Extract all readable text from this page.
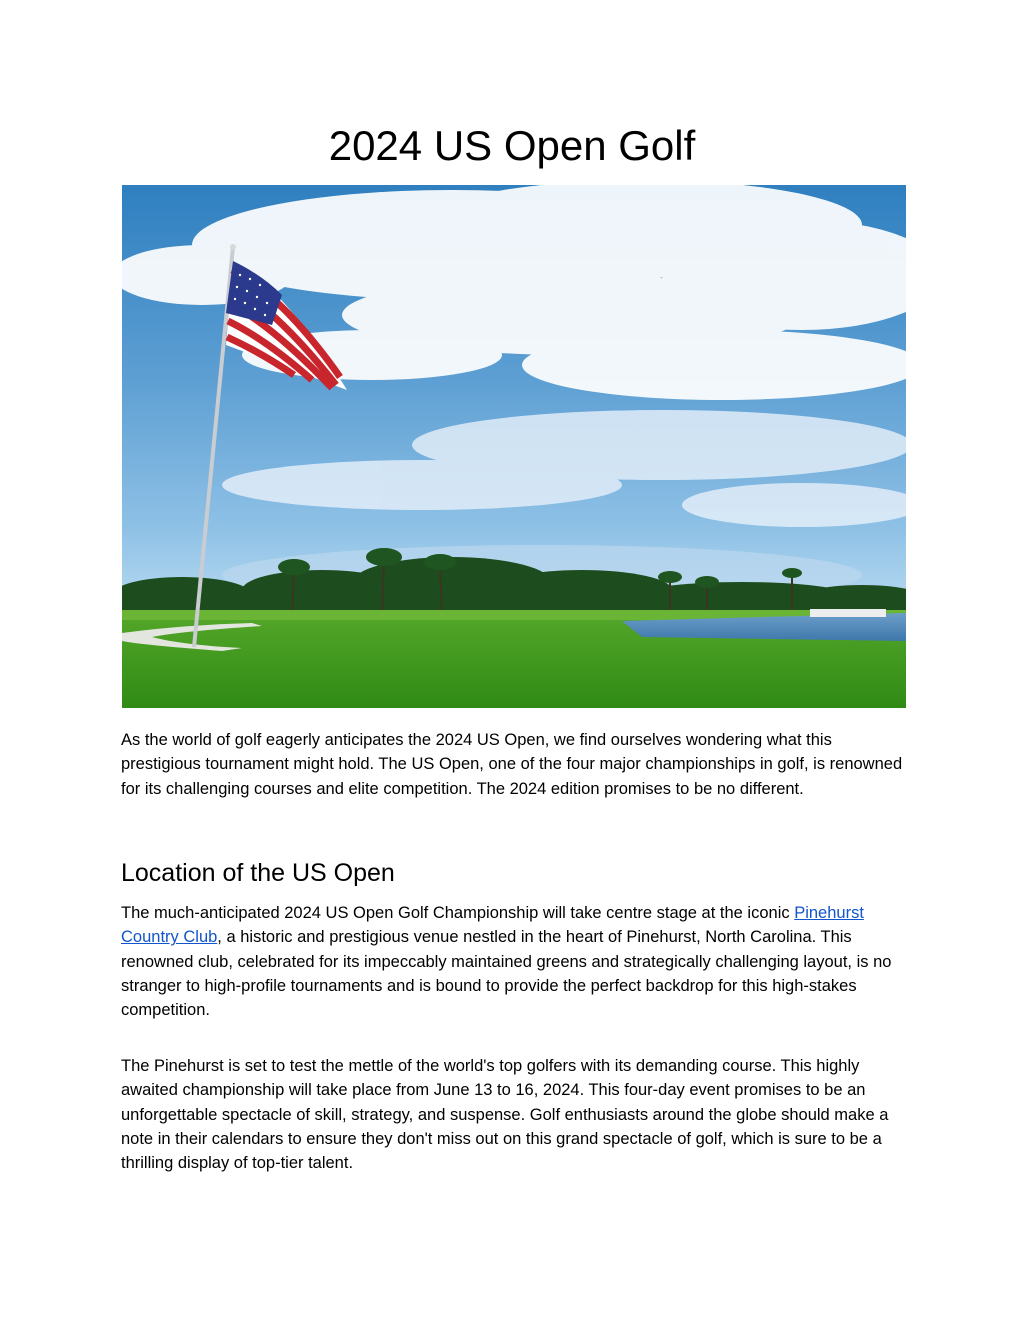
2024 US Open Golf

As the world of golf eagerly anticipates the 2024 US Open, we find ourselves wondering what this prestigious tournament might hold. The US Open, one of the four major championships in golf, is renowned for its challenging courses and elite competition. The 2024 edition promises to be no different.

Location of the US Open

The much-anticipated 2024 US Open Golf Championship will take centre stage at the iconic Pinehurst Country Club, a historic and prestigious venue nestled in the heart of Pinehurst, North Carolina. This renowned club, celebrated for its impeccably maintained greens and strategically challenging layout, is no stranger to high-profile tournaments and is bound to provide the perfect backdrop for this high-stakes competition.

The Pinehurst is set to test the mettle of the world's top golfers with its demanding course. This highly awaited championship will take place from June 13 to 16, 2024. This four-day event promises to be an unforgettable spectacle of skill, strategy, and suspense. Golf enthusiasts around the globe should make a note in their calendars to ensure they don't miss out on this grand spectacle of golf, which is sure to be a thrilling display of top-tier talent.
